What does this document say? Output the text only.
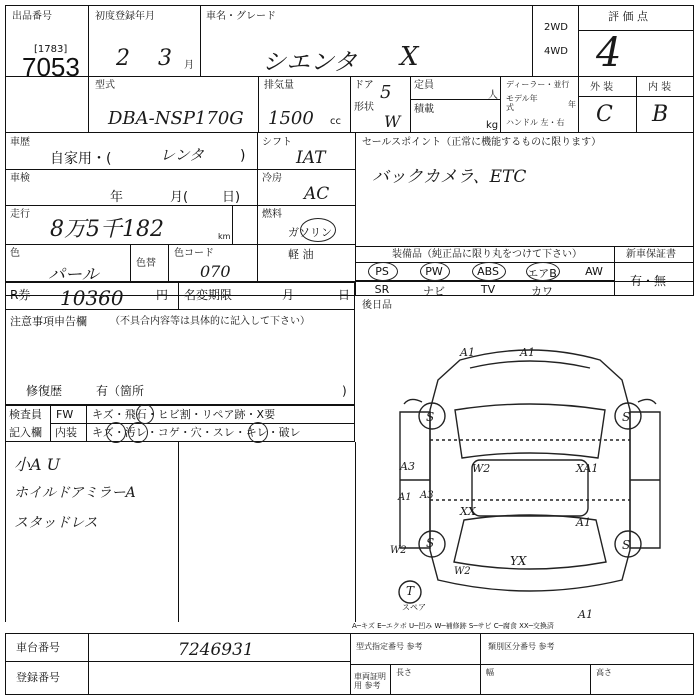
出品番号
[1783]
7053
初度登録年月
2 3 月
車名・グレード
シエンタ X
2WD
4WD
評 価 点
4
型式
DBA-NSP170G
排気量
1500 cc
ドア 5
形状
W
定員
人
積載
kg
ディーラー・並行
モデル年式	年
ハンドル 左・右
外 装	内 装
C B
車歴
自家用・(	レンタ	)
車検
年	月(	日)
走行
8万5千182	km
色
パール
色替
色コード
070
シフト
IAT
冷房
AC
燃料
ガソリン
軽 油
セールスポイント（正常に機能するものに限ります）
バックカメラ、ETC
装備品（純正品に限り丸をつけて下さい）
PS	PW	ABS	エアB	AW
SR	ナビ	TV	カワ
新車保証書
有・無
R券 10360	円 名変期限	月	日
後日品
注意事項申告欄 （不具合内容等は具体的に記入して下さい）
修復歴	有（箇所	)
検査員
記入欄
FW キズ・飛石・ヒビ割・リペア跡・X要
内装 キズ・汚レ・コゲ・穴・スレ・キレ・破レ
小A U
ホイルドアミラーA
スタッドレス
A1	A1
S	S
S	S
W2	XA1
A3
A1
XX
YX
W2
W2
A1
T
スペア
A1 A3
A─キズ E─エクボ U─凹み W─補修跡 S─サビ C─腐食 XX─交換済
車台番号	7246931
登録番号
型式指定番号 参考	類別区分番号 参考
車両証明用 参考
長さ	幅	高さ
